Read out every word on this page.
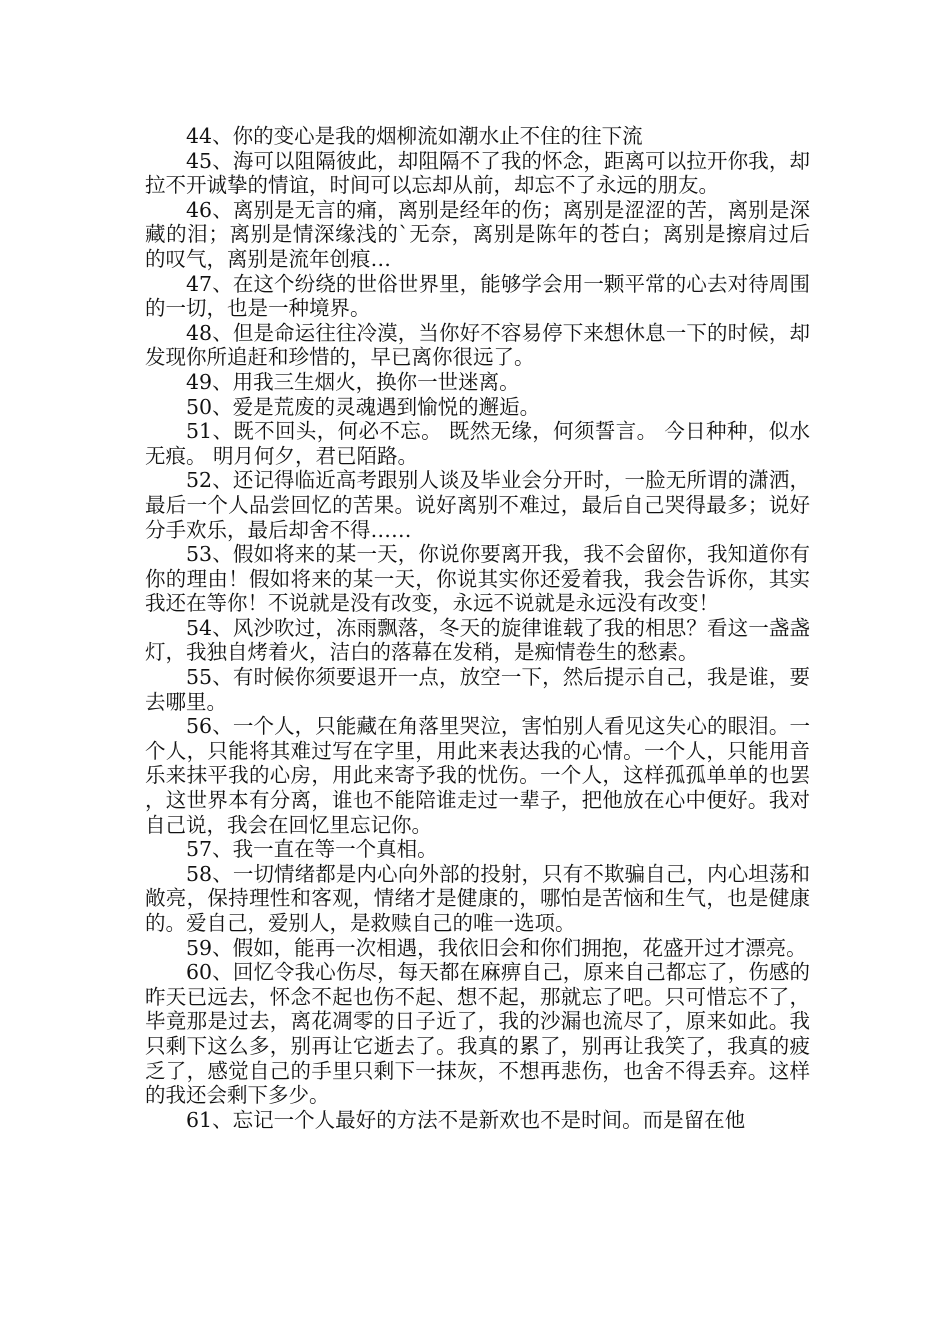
44、你的变心是我的烟柳流如潮水止不住的往下流

45、海可以阻隔彼此，却阻隔不了我的怀念，距离可以拉开你我，却拉不开诚挚的情谊，时间可以忘却从前，却忘不了永远的朋友。

46、离别是无言的痛，离别是经年的伤；离别是涩涩的苦，离别是深藏的泪；离别是情深缘浅的`无奈，离别是陈年的苍白；离别是擦肩过后的叹气，离别是流年创痕…

47、在这个纷绕的世俗世界里，能够学会用一颗平常的心去对待周围的一切，也是一种境界。

48、但是命运往往冷漠，当你好不容易停下来想休息一下的时候，却发现你所追赶和珍惜的，早已离你很远了。

49、用我三生烟火，换你一世迷离。

50、爱是荒废的灵魂遇到愉悦的邂逅。

51、既不回头，何必不忘。 既然无缘，何须誓言。 今日种种，似水无痕。 明月何夕，君已陌路。

52、还记得临近高考跟别人谈及毕业会分开时，一脸无所谓的潇洒，最后一个人品尝回忆的苦果。说好离别不难过，最后自己哭得最多；说好分手欢乐，最后却舍不得……

53、假如将来的某一天，你说你要离开我，我不会留你，我知道你有你的理由！假如将来的某一天，你说其实你还爱着我，我会告诉你，其实我还在等你！不说就是没有改变，永远不说就是永远没有改变！

54、风沙吹过，冻雨飘落，冬天的旋律谁载了我的相思？看这一盏盏灯，我独自烤着火，洁白的落幕在发稍，是痴情卷生的愁素。

55、有时候你须要退开一点，放空一下，然后提示自己，我是谁，要去哪里。

56、一个人，只能藏在角落里哭泣，害怕别人看见这失心的眼泪。一个人，只能将其难过写在字里，用此来表达我的心情。一个人，只能用音乐来抹平我的心房，用此来寄予我的忧伤。一个人，这样孤孤单单的也罢，这世界本有分离，谁也不能陪谁走过一辈子，把他放在心中便好。我对自己说，我会在回忆里忘记你。

57、我一直在等一个真相。

58、一切情绪都是内心向外部的投射，只有不欺骗自己，内心坦荡和敞亮，保持理性和客观，情绪才是健康的，哪怕是苦恼和生气，也是健康的。爱自己，爱别人，是救赎自己的唯一选项。

59、假如，能再一次相遇，我依旧会和你们拥抱，花盛开过才漂亮。

60、回忆令我心伤尽，每天都在麻痹自己，原来自己都忘了，伤感的昨天已远去，怀念不起也伤不起、想不起，那就忘了吧。只可惜忘不了，毕竟那是过去，离花凋零的日子近了，我的沙漏也流尽了，原来如此。我只剩下这么多，别再让它逝去了。我真的累了，别再让我笑了，我真的疲乏了，感觉自己的手里只剩下一抹灰，不想再悲伤，也舍不得丢弃。这样的我还会剩下多少。

61、忘记一个人最好的方法不是新欢也不是时间。而是留在他
